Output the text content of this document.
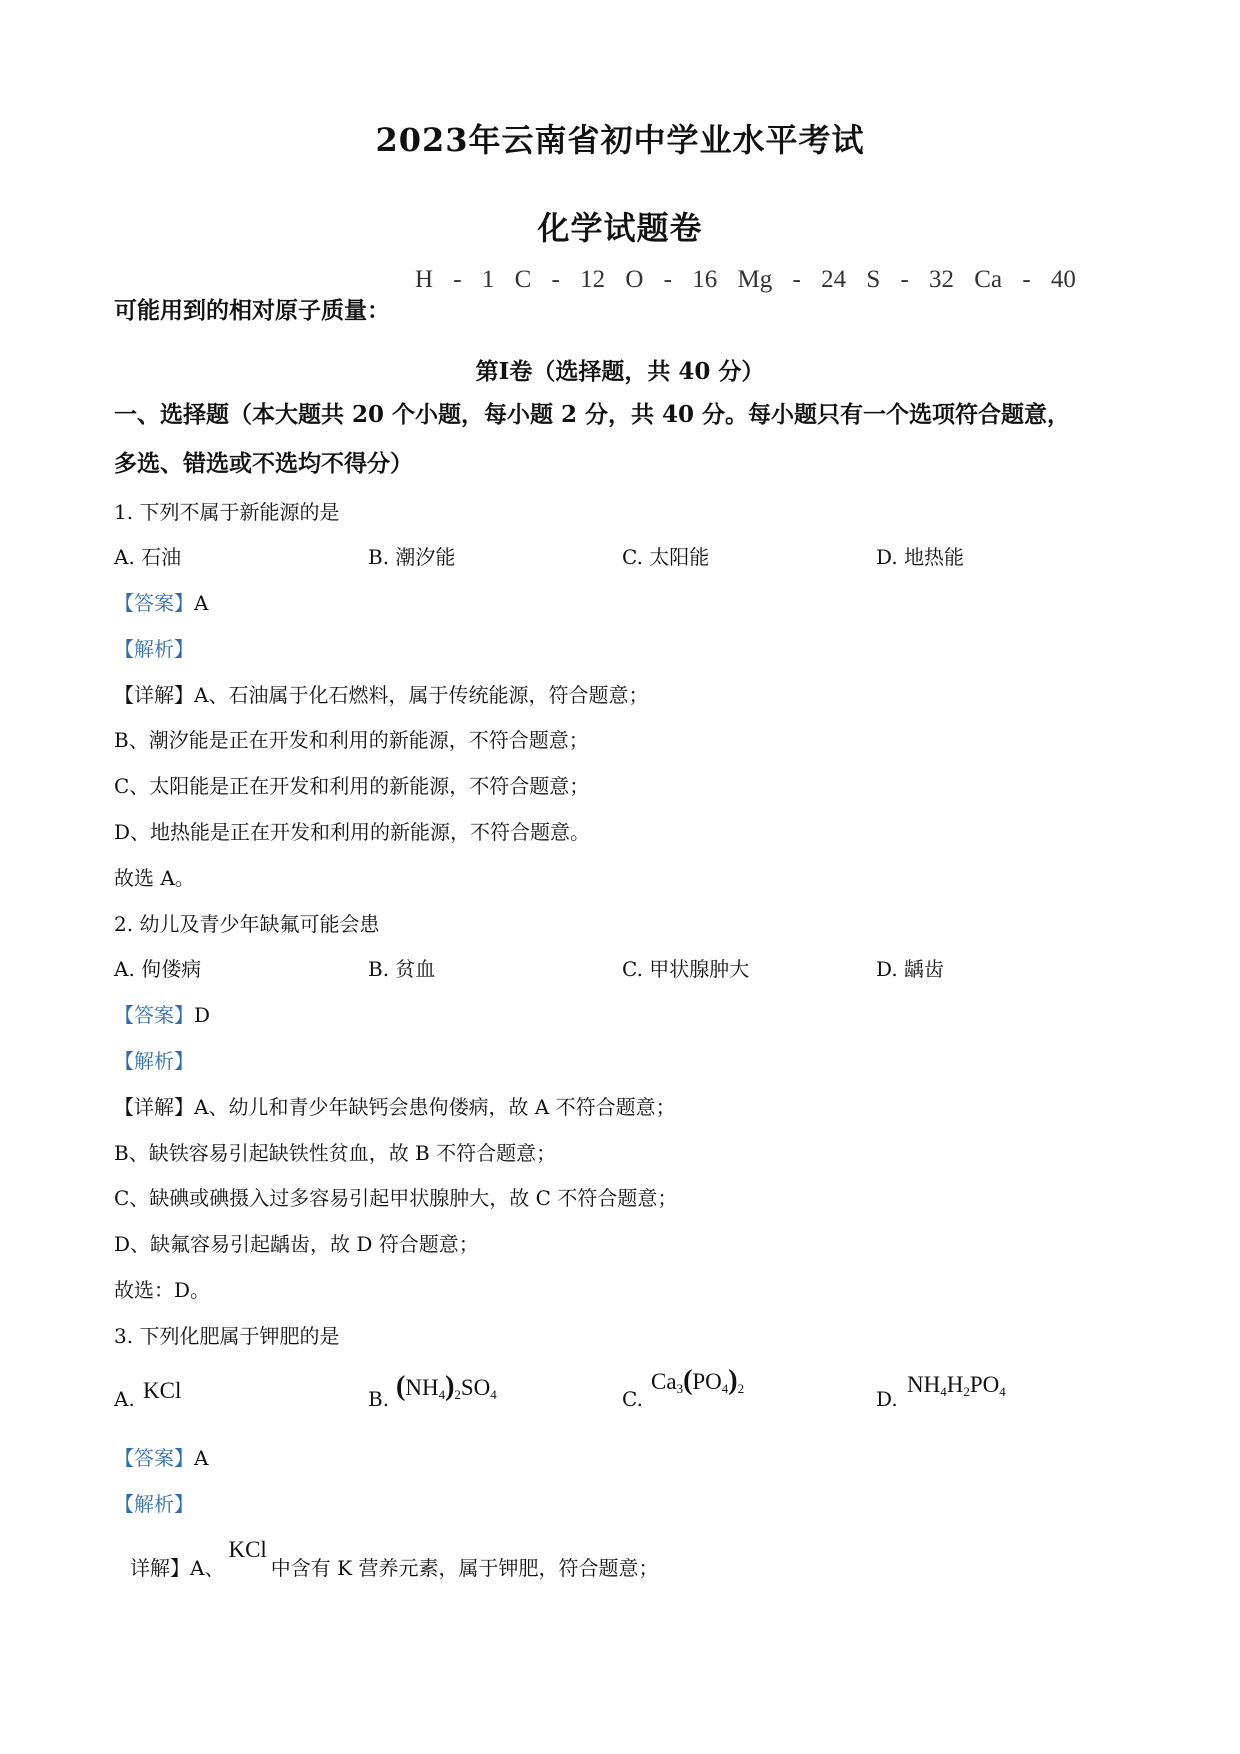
2023年云南省初中学业水平考试
化学试题卷
可能用到的相对原子质量：
H - 1 C - 12 O - 16 Mg - 24 S - 32 Ca - 40
第Ⅰ卷（选择题，共 40 分）
一、选择题（本大题共 20 个小题，每小题 2 分，共 40 分。每小题只有一个选项符合题意，
多选、错选或不选均不得分）
1. 下列不属于新能源的是
A. 石油	B. 潮汐能	C. 太阳能	D. 地热能
【答案】A
【解析】
【详解】A、石油属于化石燃料，属于传统能源，符合题意；
B、潮汐能是正在开发和利用的新能源，不符合题意；
C、太阳能是正在开发和利用的新能源，不符合题意；
D、地热能是正在开发和利用的新能源，不符合题意。
故选 A。
2. 幼儿及青少年缺氟可能会患
A. 佝偻病	B. 贫血	C. 甲状腺肿大	D. 龋齿
【答案】D
【解析】
【详解】A、幼儿和青少年缺钙会患佝偻病，故 A 不符合题意；
B、缺铁容易引起缺铁性贫血，故 B 不符合题意；
C、缺碘或碘摄入过多容易引起甲状腺肿大，故 C 不符合题意；
D、缺氟容易引起龋齿，故 D 符合题意；
故选：D。
3. 下列化肥属于钾肥的是
A. KCl	B. $(NH_4)_2SO_4$	C.
$Ca_3(PO_4)_2$	D.
$NH_4H_2PO_4$
【答案】A
【解析】
详解】A、KCl中含有 K 营养元素，属于钾肥，符合题意；
